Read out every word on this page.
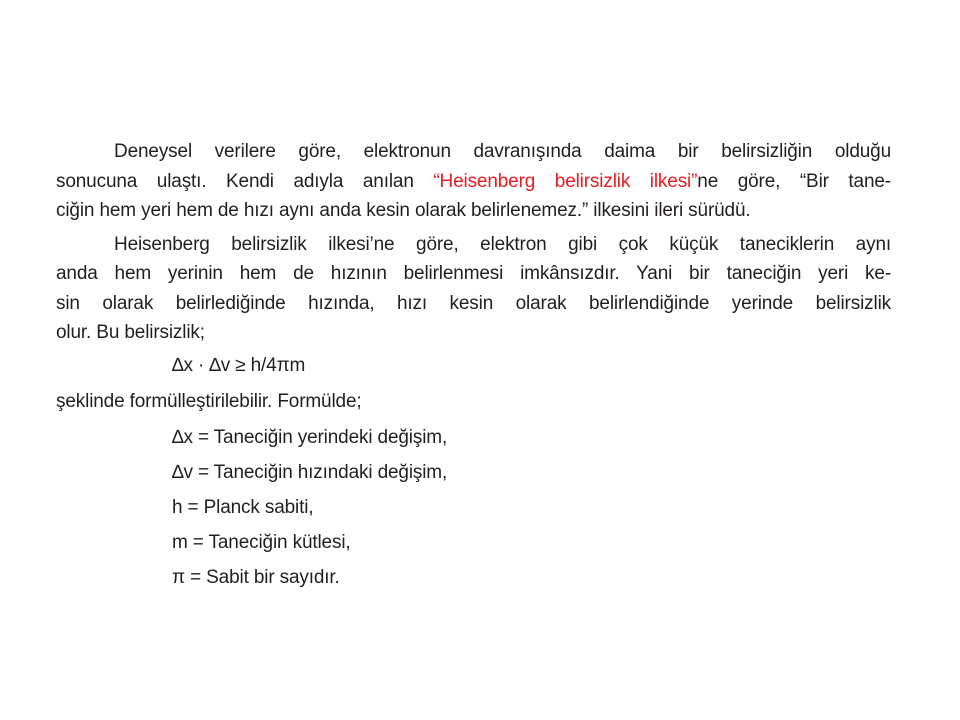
Deneysel verilere göre, elektronun davranışında daima bir belirsizliğin olduğu
sonucuna ulaştı. Kendi adıyla anılan “Heisenberg belirsizlik ilkesi”ne göre, “Bir tane-
ciğin hem yeri hem de hızı aynı anda kesin olarak belirlenemez.” ilkesini ileri sürüdü.
Heisenberg belirsizlik ilkesi’ne göre, elektron gibi çok küçük taneciklerin aynı
anda hem yerinin hem de hızının belirlenmesi imkânsızdır. Yani bir taneciğin yeri ke-
sin olarak belirlediğinde hızında, hızı kesin olarak belirlendiğinde yerinde belirsizlik
olur. Bu belirsizlik;

∆x · ∆v ≥ h/4πm

şeklinde formülleştirilebilir. Formülde;

∆x = Taneciğin yerindeki değişim,

∆v = Taneciğin hızındaki değişim,

h = Planck sabiti,

m = Taneciğin kütlesi,

π = Sabit bir sayıdır.
